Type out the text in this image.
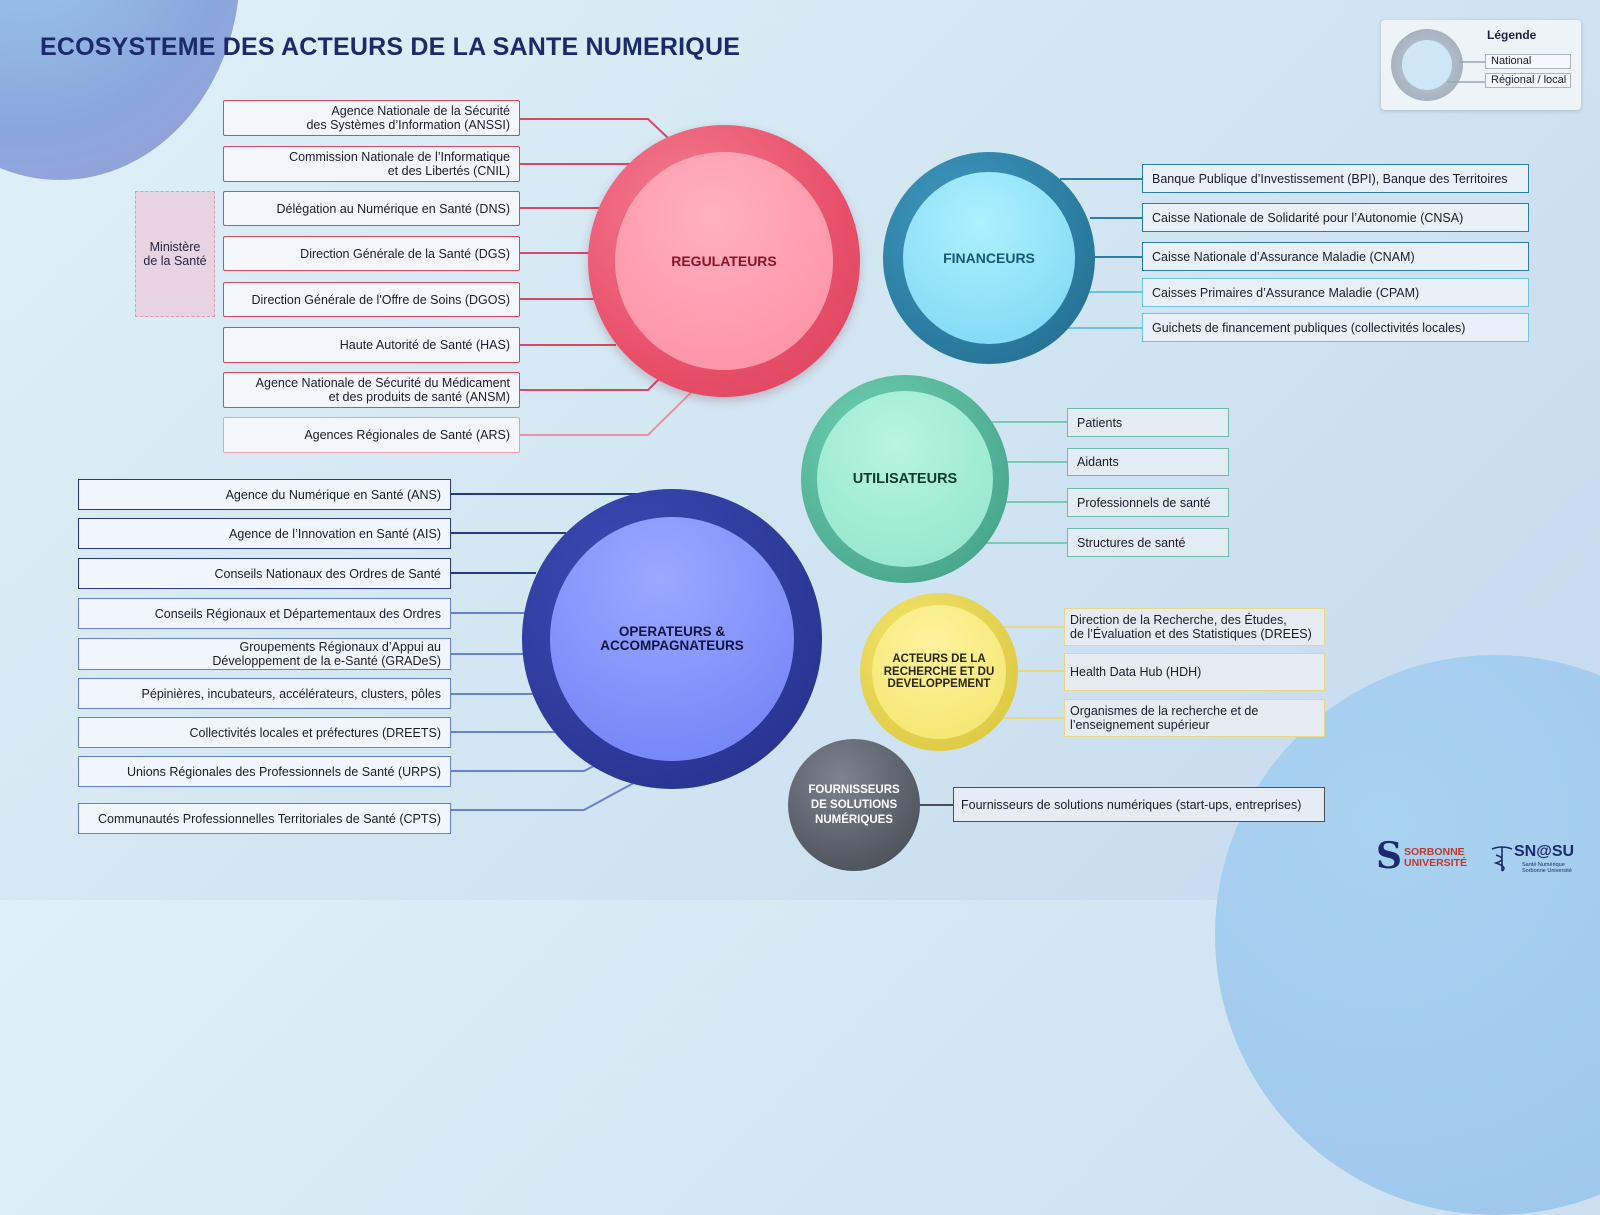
ECOSYSTEME DES ACTEURS DE LA SANTE NUMERIQUE
REGULATEURS	FINANCEURS
UTILISATEURS
OPERATEURS &
ACCOMPAGNATEURS
ACTEURS DE LA
RECHERCHE ET DU
DEVELOPPEMENT
FOURNISSEURS
DE SOLUTIONS
NUMÉRIQUES
Ministère
de la Santé
Agence Nationale de la Sécurité
des Systèmes d’Information (ANSSI)
Commission Nationale de l’Informatique
et des Libertés (CNIL)
Délégation au Numérique en Santé (DNS)
Direction Générale de la Santé (DGS)
Direction Générale de l'Offre de Soins (DGOS)
Haute Autorité de Santé (HAS)
Agence Nationale de Sécurité du Médicament
et des produits de santé (ANSM)
Agences Régionales de Santé (ARS)
Banque Publique d’Investissement (BPI), Banque des Territoires
Caisse Nationale de Solidarité pour l’Autonomie (CNSA)
Caisse Nationale d’Assurance Maladie (CNAM)
Caisses Primaires d’Assurance Maladie (CPAM)
Guichets de financement publiques (collectivités locales)
Patients
Aidants
Professionnels de santé
Structures de santé
Agence du Numérique en Santé (ANS)
Agence de l’Innovation en Santé (AIS)
Conseils Nationaux des Ordres de Santé
Conseils Régionaux et Départementaux des Ordres
Groupements Régionaux d’Appui au
Développement de la e-Santé (GRADeS)
Pépinières, incubateurs, accélérateurs, clusters, pôles
Collectivités locales et préfectures (DREETS)
Unions Régionales des Professionnels de Santé (URPS)
Communautés Professionnelles Territoriales de Santé (CPTS)
Direction de la Recherche, des Études,
de l’Évaluation et des Statistiques (DREES)
Health Data Hub (HDH)
Organismes de la recherche et de
l’enseignement supérieur
Fournisseurs de solutions numériques (start-ups, entreprises)
Légende
National
Régional / local
S SORBONNE
UNIVERSITÉ
SN@SU
Santé Numérique
Sorbonne Université
